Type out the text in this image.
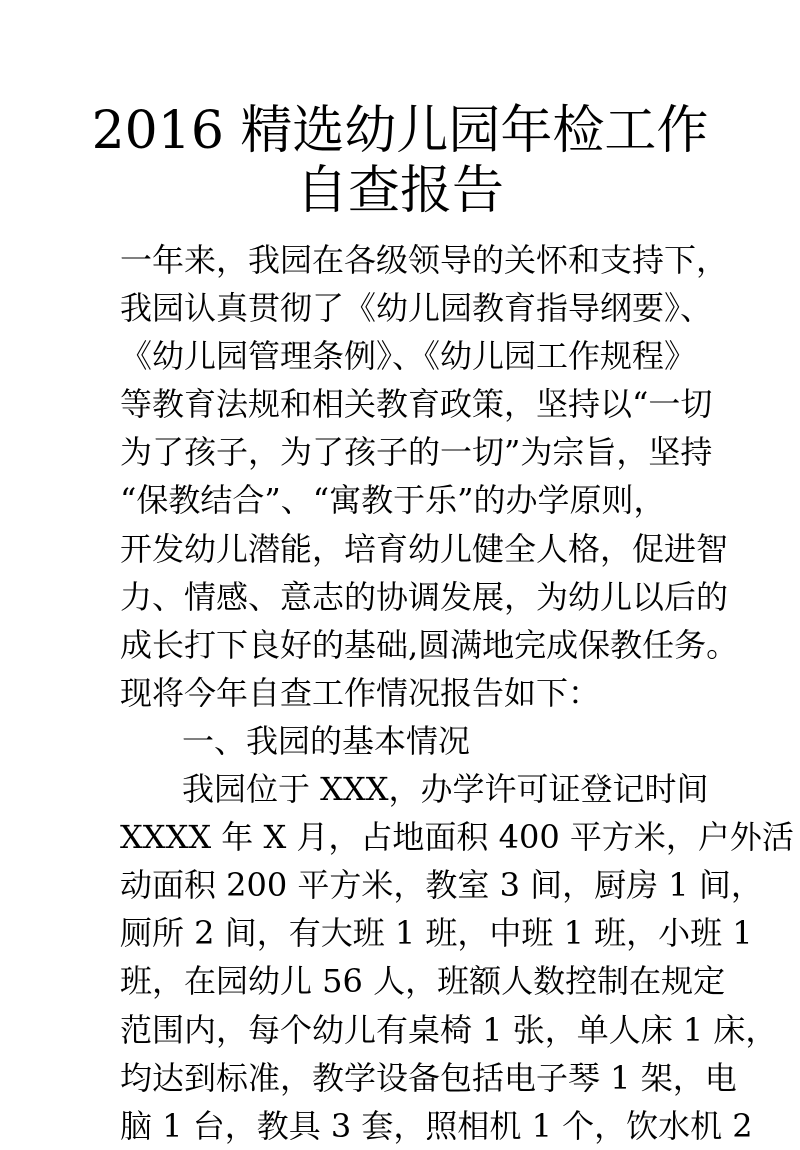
2016 精选幼儿园年检工作
自查报告
一年来，我园在各级领导的关怀和支持下，
我园认真贯彻了《幼儿园教育指导纲要》、
《幼儿园管理条例》、《幼儿园工作规程》
等教育法规和相关教育政策，坚持以“一切
为了孩子，为了孩子的一切”为宗旨，坚持
“保教结合”、“寓教于乐”的办学原则，
开发幼儿潜能，培育幼儿健全人格，促进智
力、情感、意志的协调发展，为幼儿以后的
成长打下良好的基础,圆满地完成保教任务。
现将今年自查工作情况报告如下：
一、我园的基本情况
我园位于 XXX，办学许可证登记时间
XXXX 年 X 月，占地面积 400 平方米，户外活
动面积 200 平方米，教室 3 间，厨房 1 间，
厕所 2 间，有大班 1 班，中班 1 班，小班 1
班，在园幼儿 56 人，班额人数控制在规定
范围内，每个幼儿有桌椅 1 张，单人床 1 床，
均达到标准，教学设备包括电子琴 1 架，电
脑 1 台，教具 3 套，照相机 1 个，饮水机 2
